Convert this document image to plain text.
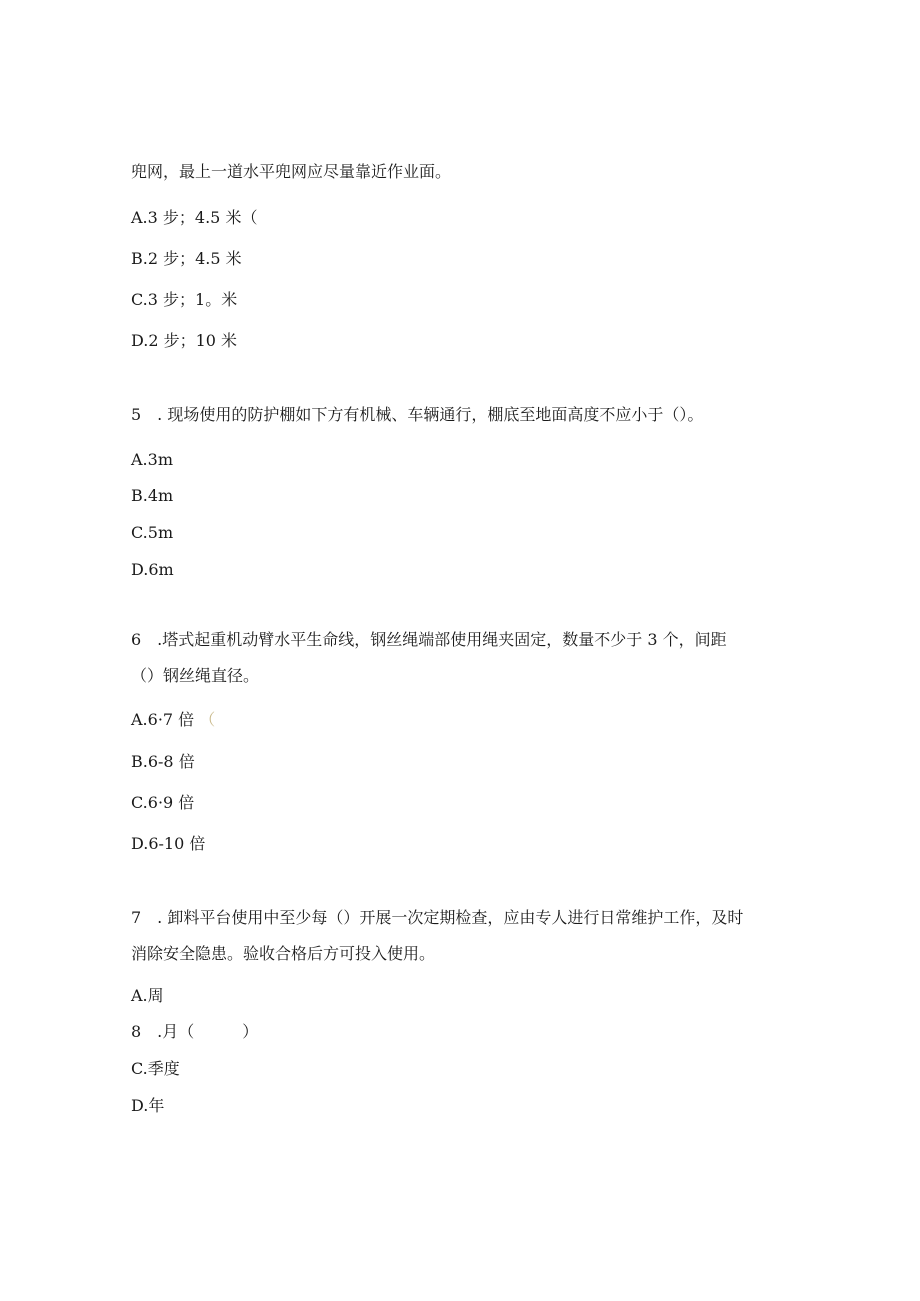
兜网，最上一道水平兜网应尽量靠近作业面。
A.3 步；4.5 米（
B.2 步；4.5 米
C.3 步；1。米
D.2 步；10 米
5　. 现场使用的防护棚如下方有机械、车辆通行，棚底至地面高度不应小于（）。
A.3m
B.4m
C.5m
D.6m
6　.塔式起重机动臂水平生命线，钢丝绳端部使用绳夹固定，数量不少于 3 个，间距
（）钢丝绳直径。
A.6·7 倍 （
B.6-8 倍
C.6·9 倍
D.6-10 倍
7　. 卸料平台使用中至少每（）开展一次定期检查，应由专人进行日常维护工作，及时
消除安全隐患。验收合格后方可投入使用。
A.周
8　.月（　　　）
C.季度
D.年
